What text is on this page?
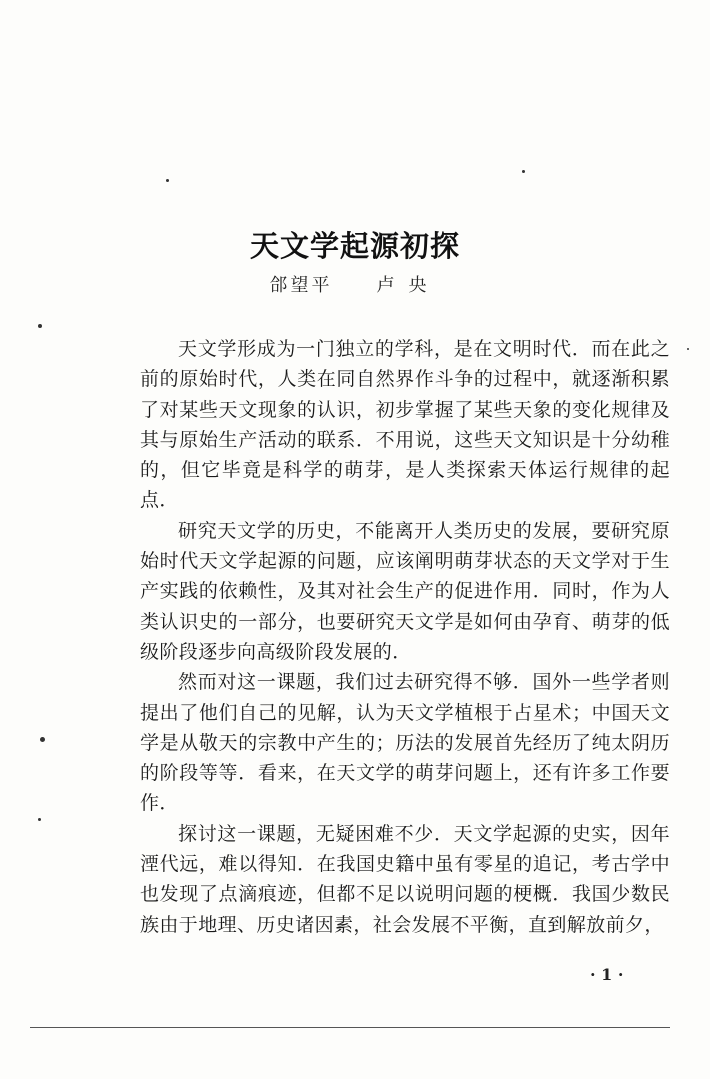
天文学起源初探
郃望平 卢央

天文学形成为一门独立的学科，是在文明时代．而在此之前的原始时代，人类在同自然界作斗争的过程中，就逐渐积累了对某些天文现象的认识，初步掌握了某些天象的变化规律及其与原始生产活动的联系．不用说，这些天文知识是十分幼稚的，但它毕竟是科学的萌芽，是人类探索天体运行规律的起点．

研究天文学的历史，不能离开人类历史的发展，要研究原始时代天文学起源的问题，应该阐明萌芽状态的天文学对于生产实践的依赖性，及其对社会生产的促进作用．同时，作为人类认识史的一部分，也要研究天文学是如何由孕育、萌芽的低级阶段逐步向高级阶段发展的．

然而对这一课题，我们过去研究得不够．国外一些学者则提出了他们自己的见解，认为天文学植根于占星术；中国天文学是从敬天的宗教中产生的；历法的发展首先经历了纯太阴历的阶段等等．看来，在天文学的萌芽问题上，还有许多工作要作．

探讨这一课题，无疑困难不少．天文学起源的史实，因年湮代远，难以得知．在我国史籍中虽有零星的追记，考古学中也发现了点滴痕迹，但都不足以说明问题的梗概．我国少数民族由于地理、历史诸因素，社会发展不平衡，直到解放前夕，

· 1 ·
